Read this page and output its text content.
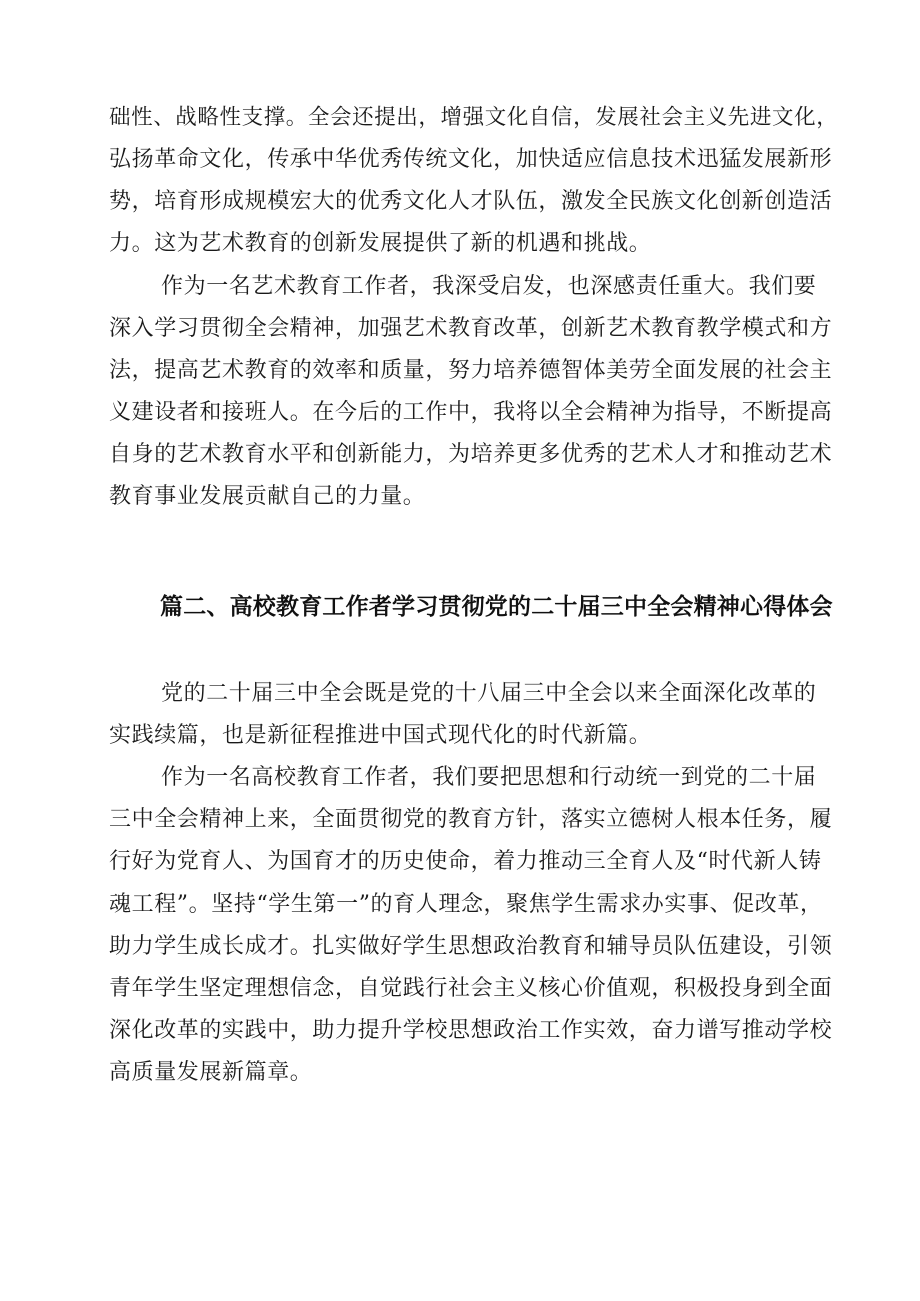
础性、战略性支撑。全会还提出，增强文化自信，发展社会主义先进文化，
弘扬革命文化，传承中华优秀传统文化，加快适应信息技术迅猛发展新形
势，培育形成规模宏大的优秀文化人才队伍，激发全民族文化创新创造活
力。这为艺术教育的创新发展提供了新的机遇和挑战。
作为一名艺术教育工作者，我深受启发，也深感责任重大。我们要
深入学习贯彻全会精神，加强艺术教育改革，创新艺术教育教学模式和方
法，提高艺术教育的效率和质量，努力培养德智体美劳全面发展的社会主
义建设者和接班人。在今后的工作中，我将以全会精神为指导，不断提高
自身的艺术教育水平和创新能力，为培养更多优秀的艺术人才和推动艺术
教育事业发展贡献自己的力量。
篇二、高校教育工作者学习贯彻党的二十届三中全会精神心得体会
党的二十届三中全会既是党的十八届三中全会以来全面深化改革的
实践续篇，也是新征程推进中国式现代化的时代新篇。
作为一名高校教育工作者，我们要把思想和行动统一到党的二十届
三中全会精神上来，全面贯彻党的教育方针，落实立德树人根本任务，履
行好为党育人、为国育才的历史使命，着力推动三全育人及“时代新人铸
魂工程”。坚持“学生第一”的育人理念，聚焦学生需求办实事、促改革，
助力学生成长成才。扎实做好学生思想政治教育和辅导员队伍建设，引领
青年学生坚定理想信念，自觉践行社会主义核心价值观，积极投身到全面
深化改革的实践中，助力提升学校思想政治工作实效，奋力谱写推动学校
高质量发展新篇章。
